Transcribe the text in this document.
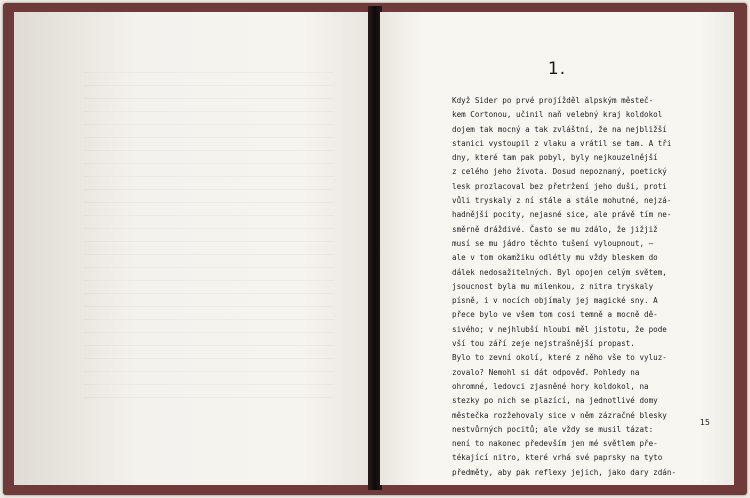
1.
Když Sider po prvé projížděl alpským městeč-
kem Cortonou, učinil naň velebný kraj koldokol
dojem tak mocný a tak zvláštní, že na nejbližší
stanici vystoupil z vlaku a vrátil se tam. A tři
dny, které tam pak pobyl, byly nejkouzelnější
z celého jeho života. Dosud nepoznaný, poetický
lesk prozlacoval bez přetržení jeho duši, proti
vůli tryskaly z ní stále a stále mohutné, nejzá-
hadnější pocity, nejasné sice, ale právě tím ne-
směrně dráždivé. Často se mu zdálo, že jižjiž
musí se mu jádro těchto tušení vyloupnout, —
ale v tom okamžiku odlétly mu vždy bleskem do
dálek nedosažitelných. Byl opojen celým světem,
jsoucnost byla mu milenkou, z nitra tryskaly
písně, i v nocích objímaly jej magické sny. A
přece bylo ve všem tom cosi temně a mocně dě-
sivého; v nejhlubší hloubi měl jistotu, že pode
vší tou září zeje nejstrašnější propast.
Bylo to zevní okolí, které z něho vše to vyluz-
zovalo? Nemohl si dát odpověď. Pohledy na
ohromné, ledovci zjasněné hory koldokol, na
stezky po nich se plazící, na jednotlivé domy
městečka rozžehovaly sice v něm zázračné blesky
nestvůrných pocitů; ale vždy se musil tázat:
není to nakonec především jen mé světlem pře-
tékající nitro, které vrhá své paprsky na tyto
předměty, aby pak reflexy jejich, jako dary zdán-
15
